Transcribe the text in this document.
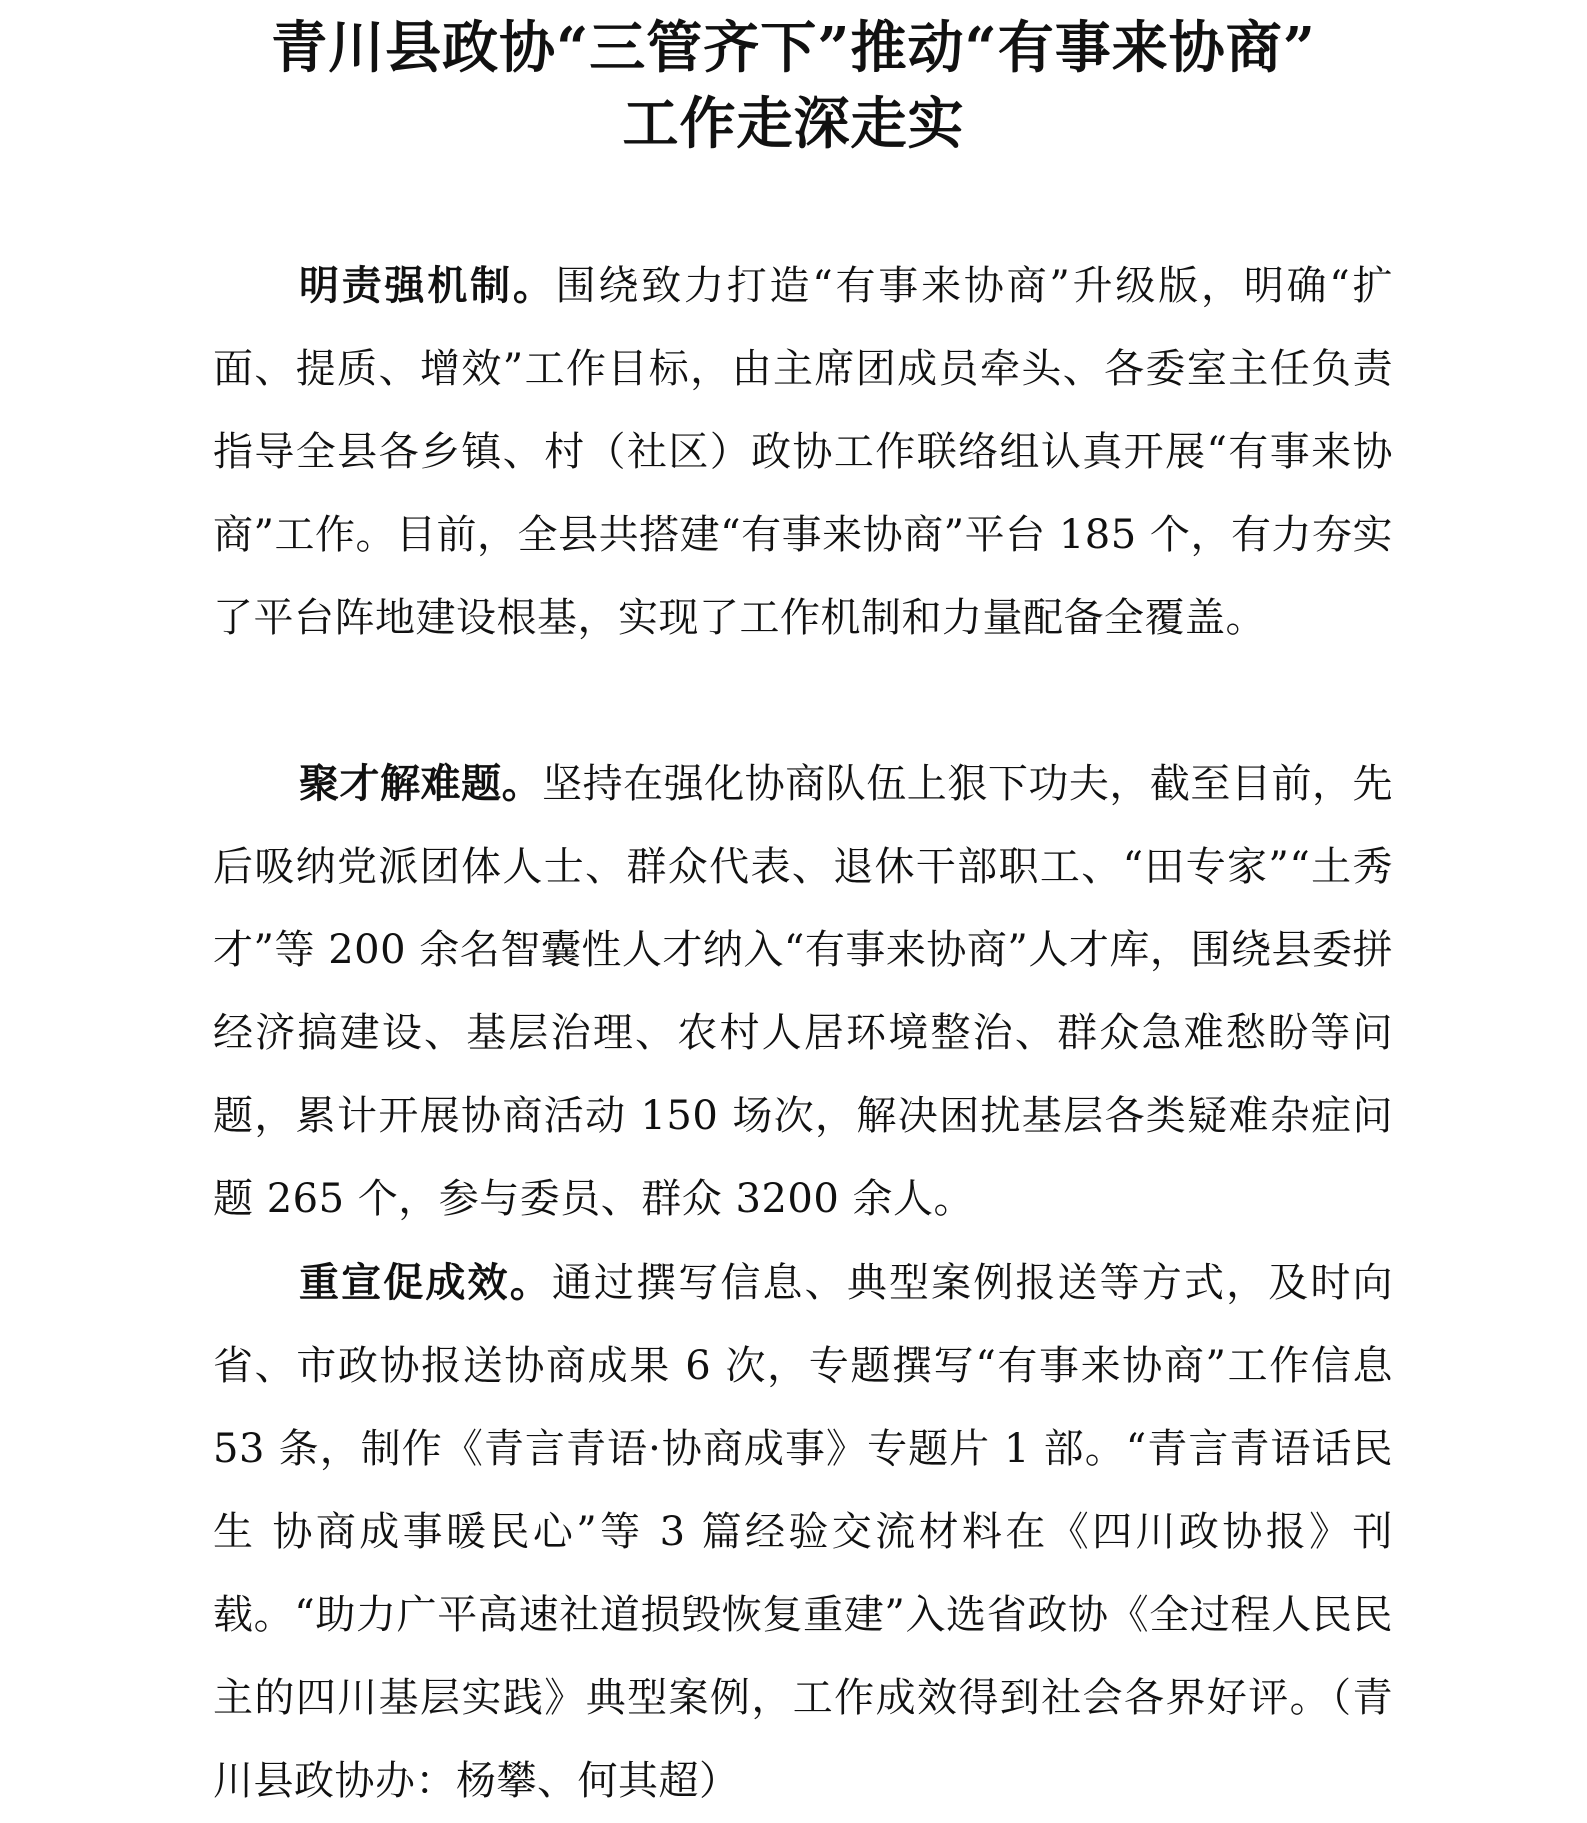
青川县政协“三管齐下”推动“有事来协商”
工作走深走实

明责强机制。围绕致力打造“有事来协商”升级版，明确“扩面、提质、增效”工作目标，由主席团成员牵头、各委室主任负责指导全县各乡镇、村（社区）政协工作联络组认真开展“有事来协商”工作。目前，全县共搭建“有事来协商”平台 185 个，有力夯实了平台阵地建设根基，实现了工作机制和力量配备全覆盖。

聚才解难题。坚持在强化协商队伍上狠下功夫，截至目前，先后吸纳党派团体人士、群众代表、退休干部职工、“田专家”“土秀才”等 200 余名智囊性人才纳入“有事来协商”人才库，围绕县委拼经济搞建设、基层治理、农村人居环境整治、群众急难愁盼等问题，累计开展协商活动 150 场次，解决困扰基层各类疑难杂症问题 265 个，参与委员、群众 3200 余人。

重宣促成效。通过撰写信息、典型案例报送等方式，及时向省、市政协报送协商成果 6 次，专题撰写“有事来协商”工作信息 53 条，制作《青言青语·协商成事》专题片 1 部。“青言青语话民生 协商成事暖民心”等 3 篇经验交流材料在《四川政协报》刊载。“助力广平高速社道损毁恢复重建”入选省政协《全过程人民民主的四川基层实践》典型案例，工作成效得到社会各界好评。（青川县政协办：杨攀、何其超）
